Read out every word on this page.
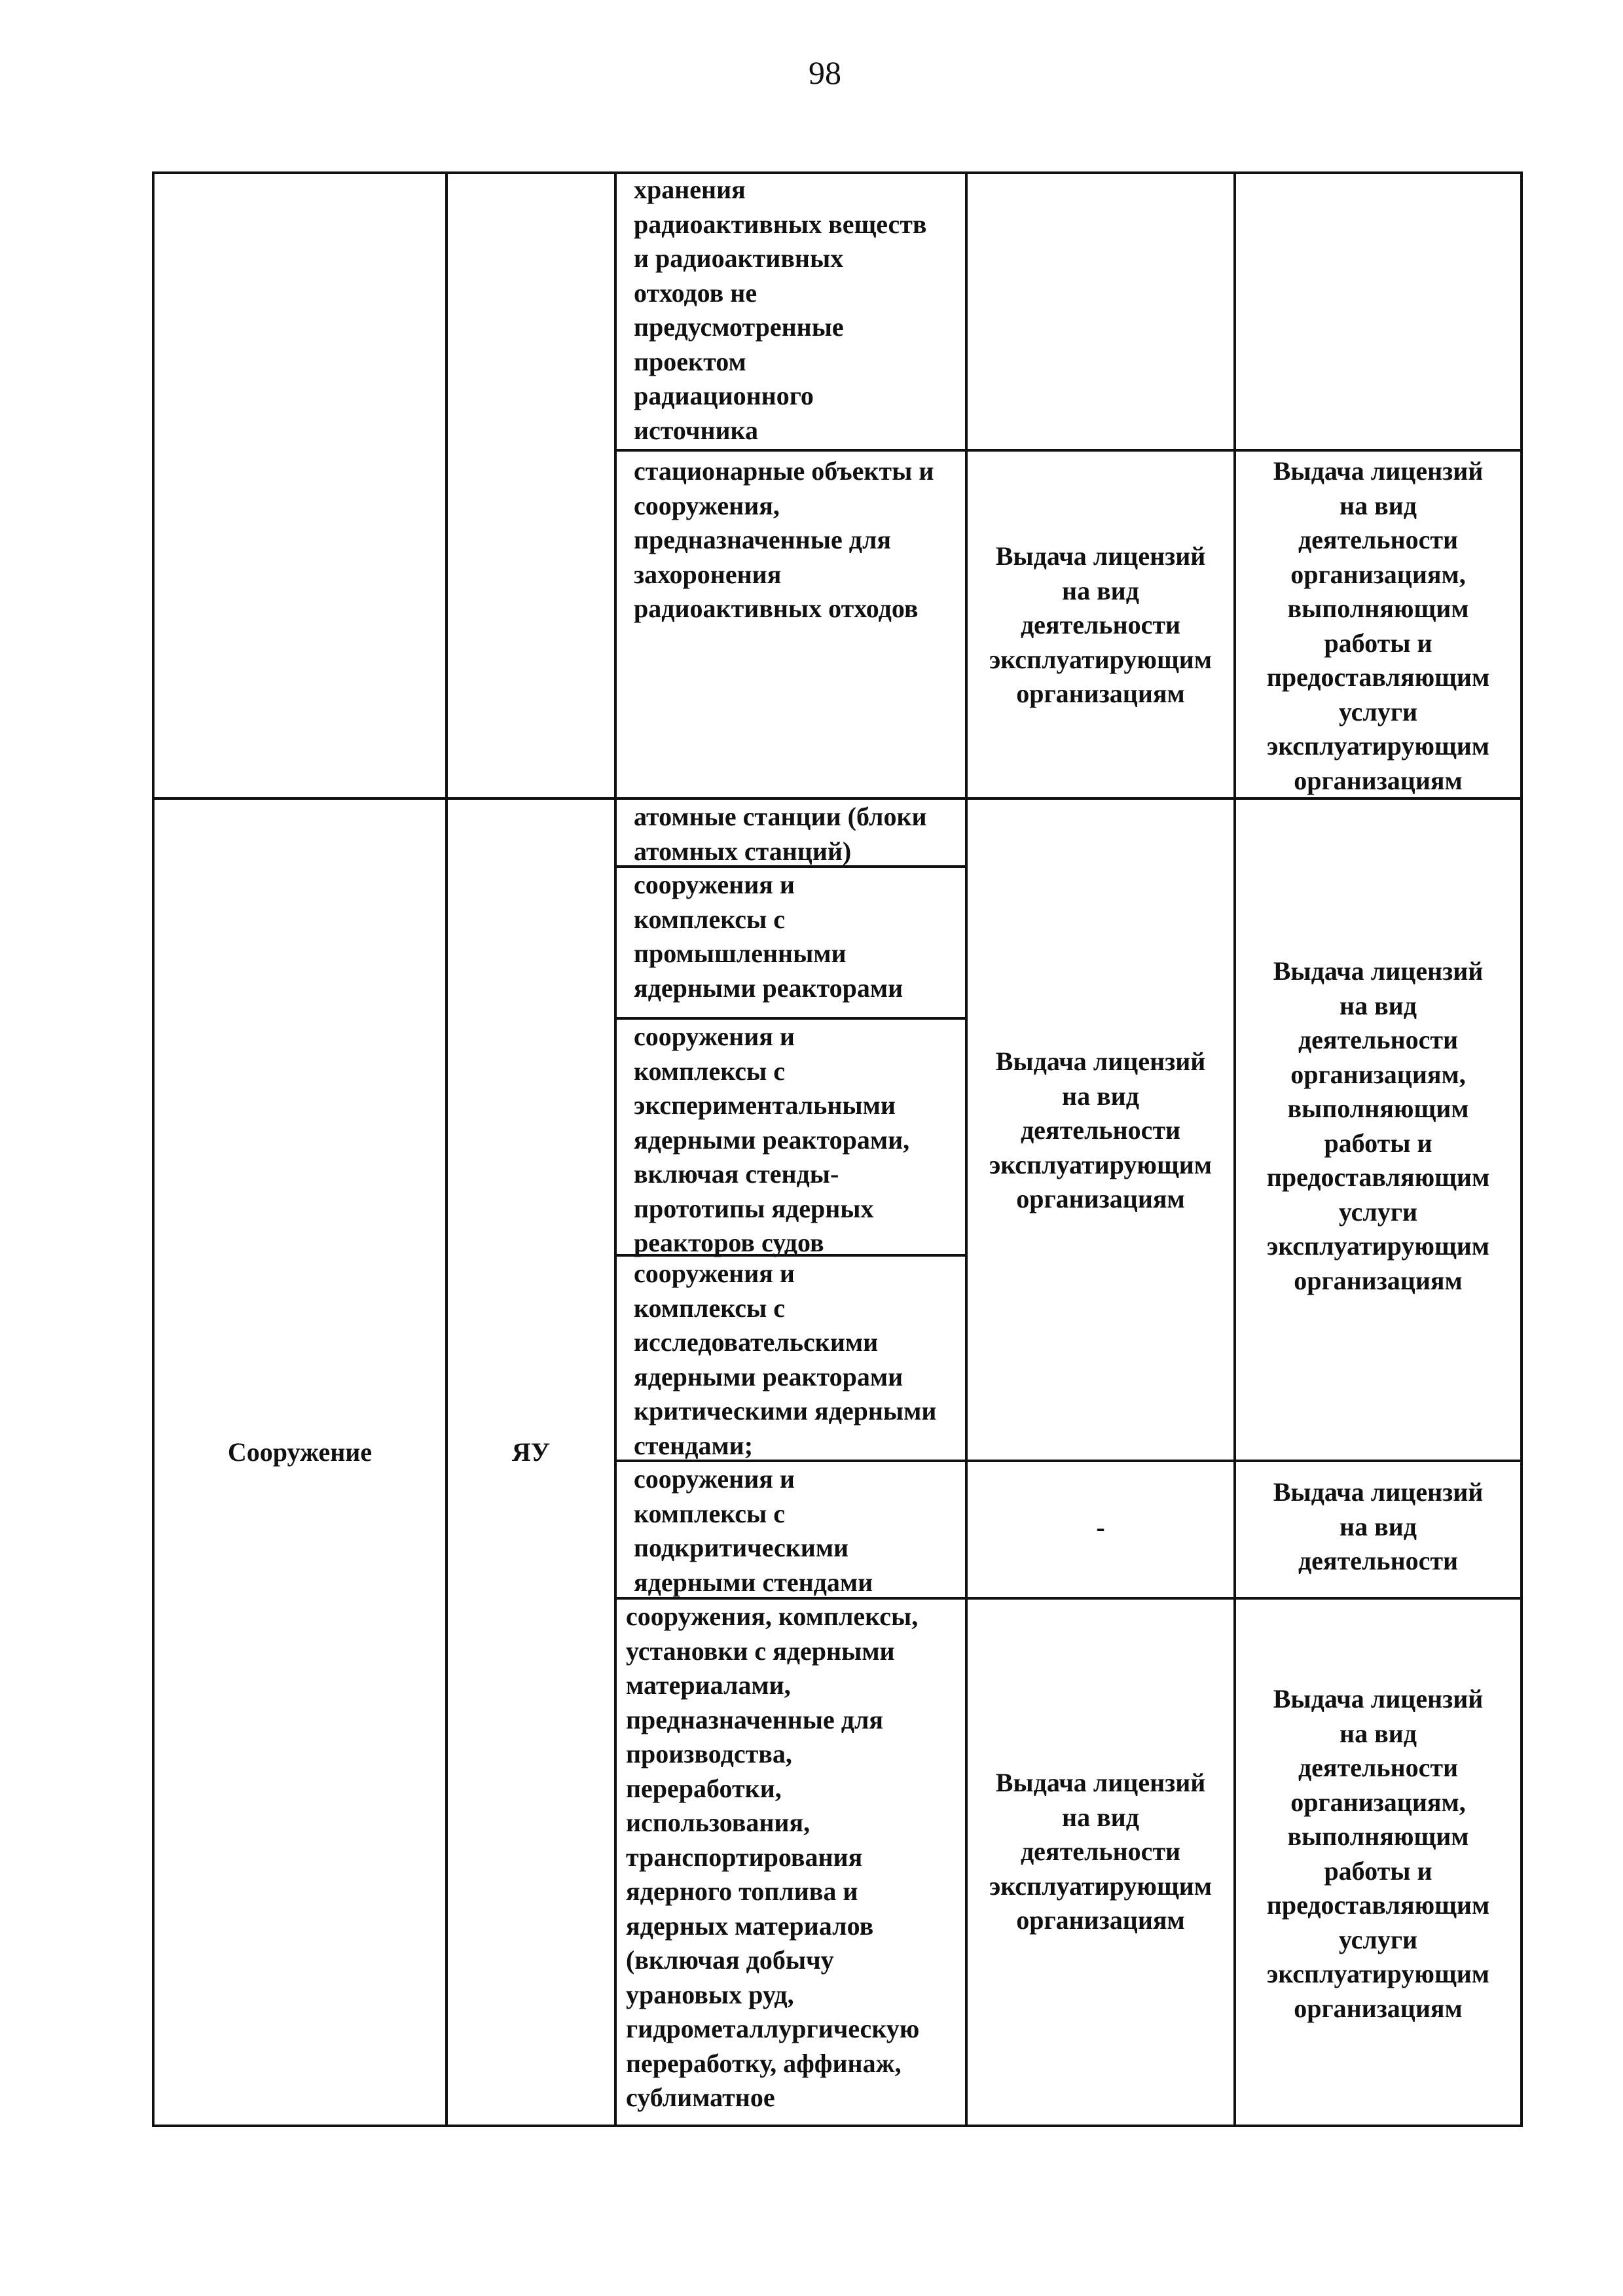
98
Сооружение	ЯУ
хранения
радиоактивных веществ
и радиоактивных
отходов не
предусмотренные
проектом
радиационного
источника
стационарные объекты и
сооружения,
предназначенные для
захоронения
радиоактивных отходов
Выдача лицензий
на вид
деятельности
эксплуатирующим
организациям
Выдача лицензий
на вид
деятельности
организациям,
выполняющим
работы и
предоставляющим
услуги
эксплуатирующим
организациям
атомные станции (блоки
атомных станций)
сооружения и
комплексы с
промышленными
ядерными реакторами
сооружения и
комплексы с
экспериментальными
ядерными реакторами,
включая стенды-
прототипы ядерных
реакторов судов
сооружения и
комплексы с
исследовательскими
ядерными реакторами
критическими ядерными
стендами;
Выдача лицензий
на вид
деятельности
эксплуатирующим
организациям
Выдача лицензий
на вид
деятельности
организациям,
выполняющим
работы и
предоставляющим
услуги
эксплуатирующим
организациям
сооружения и
комплексы с
подкритическими
ядерными стендами
-
Выдача лицензий
на вид
деятельности
сооружения, комплексы,
установки с ядерными
материалами,
предназначенные для
производства,
переработки,
использования,
транспортирования
ядерного топлива и
ядерных материалов
(включая добычу
урановых руд,
гидрометаллургическую
переработку, аффинаж,
сублиматное
Выдача лицензий
на вид
деятельности
эксплуатирующим
организациям
Выдача лицензий
на вид
деятельности
организациям,
выполняющим
работы и
предоставляющим
услуги
эксплуатирующим
организациям
